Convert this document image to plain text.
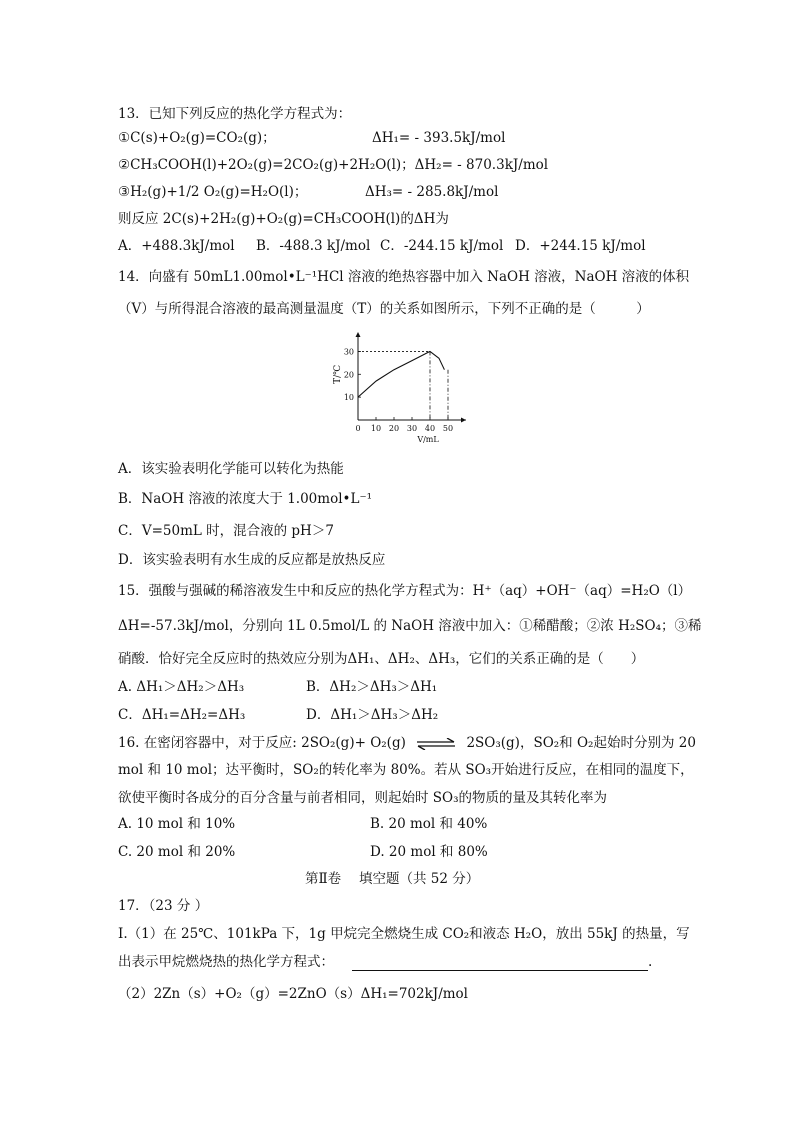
13．已知下列反应的热化学方程式为：
①C(s)+O₂(g)=CO₂(g)；	ΔH₁= - 393.5kJ/mol
②CH₃COOH(l)+2O₂(g)=2CO₂(g)+2H₂O(l)；ΔH₂= - 870.3kJ/mol
③H₂(g)+1/2 O₂(g)=H₂O(l)；	ΔH₃= - 285.8kJ/mol
则反应 2C(s)+2H₂(g)+O₂(g)=CH₃COOH(l)的ΔH为
A．+488.3kJ/mol B．-488.3 kJ/mol C．-244.15 kJ/mol D．+244.15 kJ/mol
14．向盛有 50mL1.00mol•L⁻¹HCl 溶液的绝热容器中加入 NaOH 溶液，NaOH 溶液的体积
（V）与所得混合溶液的最高测量温度（T）的关系如图所示，下列不正确的是（　　　）
0 10 20 30 40 50
10
20
30
V/mL
T/℃
A．该实验表明化学能可以转化为热能
B．NaOH 溶液的浓度大于 1.00mol•L⁻¹
C．V=50mL 时，混合液的 pH＞7
D．该实验表明有水生成的反应都是放热反应
15．强酸与强碱的稀溶液发生中和反应的热化学方程式为：H⁺（aq）+OH⁻（aq）=H₂O（l）
ΔH=-57.3kJ/mol，分别向 1L 0.5mol/L 的 NaOH 溶液中加入：①稀醋酸；②浓 H₂SO₄；③稀
硝酸．恰好完全反应时的热效应分别为ΔH₁、ΔH₂、ΔH₃，它们的关系正确的是（　　）
A. ΔH₁＞ΔH₂＞ΔH₃	B．ΔH₂＞ΔH₃＞ΔH₁
C．ΔH₁=ΔH₂=ΔH₃	D．ΔH₁＞ΔH₃＞ΔH₂
16. 在密闭容器中，对于反应: 2SO₂(g)+ O₂(g) ⇌ 2SO₃(g)，SO₂和 O₂起始时分别为 20
mol 和 10 mol；达平衡时，SO₂的转化率为 80%。若从 SO₃开始进行反应，在相同的温度下，
欲使平衡时各成分的百分含量与前者相同，则起始时 SO₃的物质的量及其转化率为
A. 10 mol 和 10%	B. 20 mol 和 40%
C. 20 mol 和 20%	D. 20 mol 和 80%
第Ⅱ卷　 填空题（共 52 分）
17．（23 分 ）
I.（1）在 25℃、101kPa 下，1g 甲烷完全燃烧生成 CO₂和液态 H₂O，放出 55kJ 的热量，写
出表示甲烷燃烧热的热化学方程式：	.
（2）2Zn（s）+O₂（g）=2ZnO（s）ΔH₁=702kJ/mol
